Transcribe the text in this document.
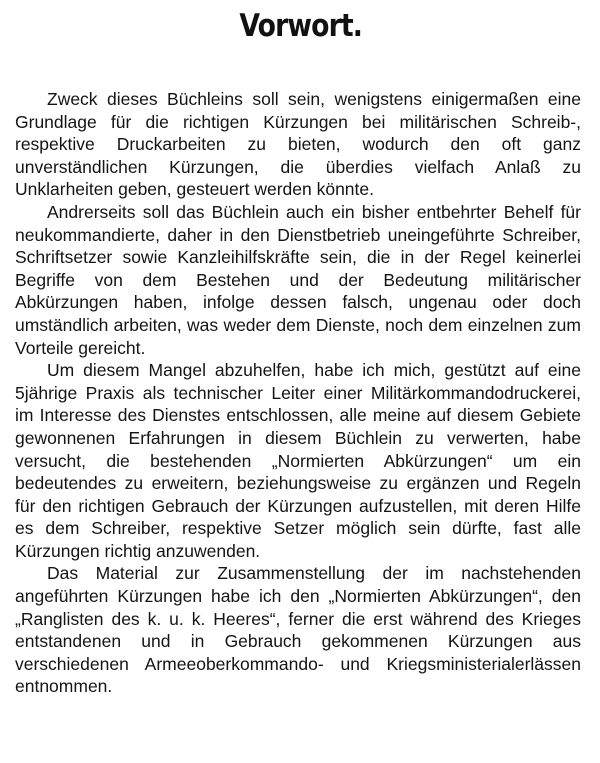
Vorwort.

Zweck dieses Büchleins soll sein, wenigstens einigermaßen eine Grundlage für die richtigen Kürzungen bei militärischen Schreib-, respektive Druckarbeiten zu bieten, wodurch den oft ganz unverständlichen Kürzungen, die überdies vielfach Anlaß zu Unklarheiten geben, gesteuert werden könnte.

Andrerseits soll das Büchlein auch ein bisher entbehrter Behelf für neukommandierte, daher in den Dienstbetrieb uneingeführte Schreiber, Schriftsetzer sowie Kanzleihilfskräfte sein, die in der Regel keinerlei Begriffe von dem Bestehen und der Bedeutung militärischer Abkürzungen haben, infolge dessen falsch, ungenau oder doch umständlich arbeiten, was weder dem Dienste, noch dem einzelnen zum Vorteile gereicht.

Um diesem Mangel abzuhelfen, habe ich mich, gestützt auf eine 5jährige Praxis als technischer Leiter einer Militärkommandodruckerei, im Interesse des Dienstes entschlossen, alle meine auf diesem Gebiete gewonnenen Erfahrungen in diesem Büchlein zu verwerten, habe versucht, die bestehenden „Normierten Abkürzungen“ um ein bedeutendes zu erweitern, beziehungsweise zu ergänzen und Regeln für den richtigen Gebrauch der Kürzungen aufzustellen, mit deren Hilfe es dem Schreiber, respektive Setzer möglich sein dürfte, fast alle Kürzungen richtig anzuwenden.

Das Material zur Zusammenstellung der im nachstehenden angeführten Kürzungen habe ich den „Normierten Abkürzungen“, den „Ranglisten des k. u. k. Heeres“, ferner die erst während des Krieges entstandenen und in Gebrauch gekommenen Kürzungen aus verschiedenen Armeeoberkommando- und Kriegsministerialerlässen entnommen.
